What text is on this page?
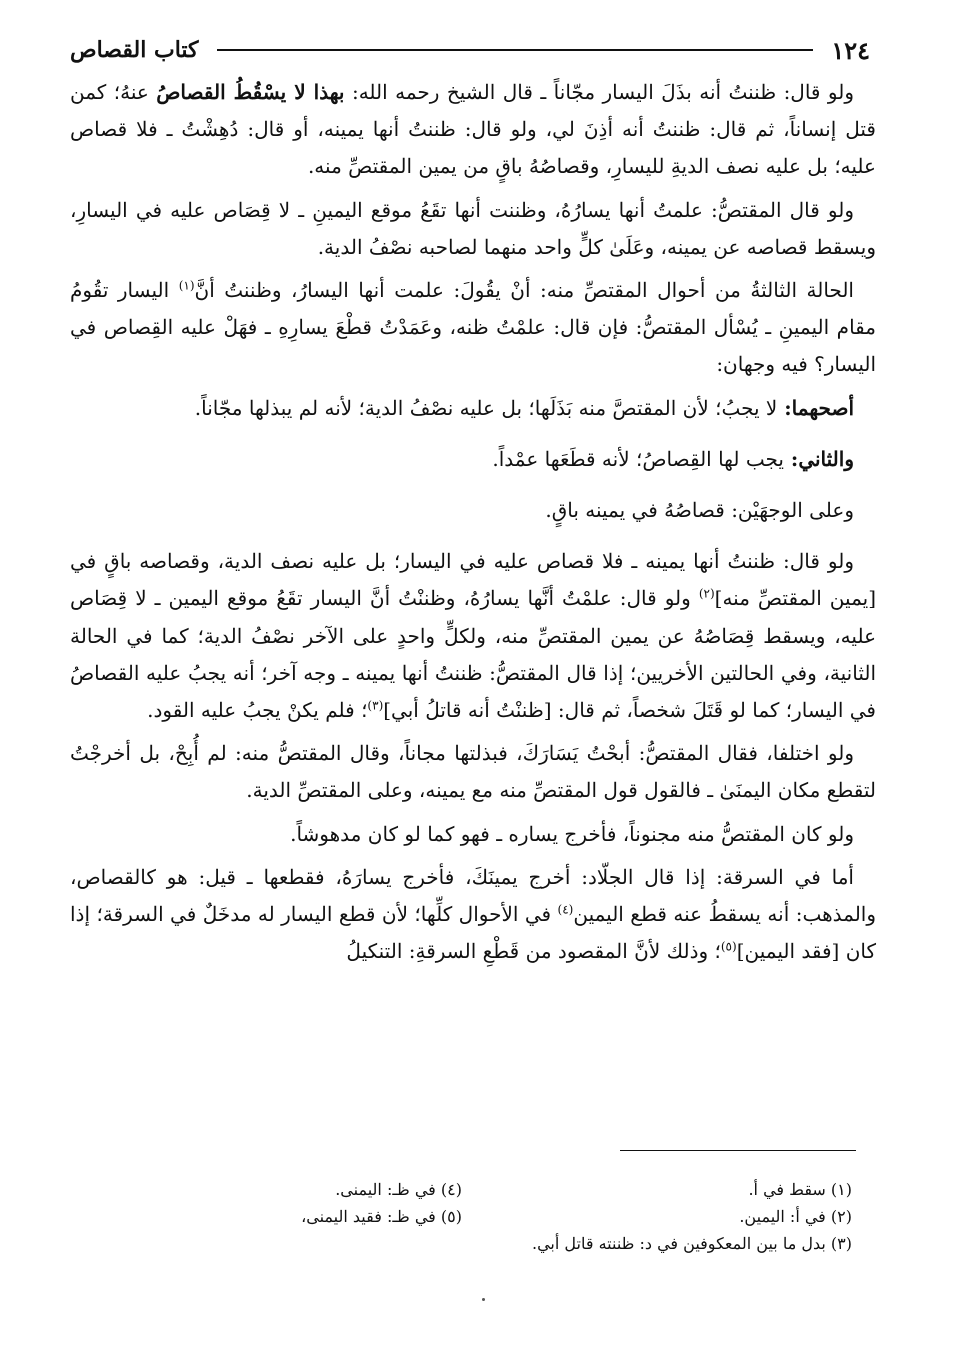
١٢٤
كتاب القصاص

ولو قال: ظننتُ أنه بذَلَ اليسار مجّاناً ـ قال الشيخ رحمه الله: بهذا لا يسْقُطُ القصاصُ عنهُ؛ كمن قتل إنساناً، ثم قال: ظننتُ أنه أذِنَ لي، ولو قال: ظننتُ أنها يمينه، أو قال: دُهِشْتُ ـ فلا قصاص عليه؛ بل عليه نصف الديةِ لليسارِ، وقصاصُهُ باقٍ من يمين المقتصِّ منه.

ولو قال المقتصُّ: علمتُ أنها يسارُهُ، وظننت أنها تقَعُ موقع اليمينِ ـ لا قِصَاص عليه في اليسارِ، ويسقط قصاصه عن يمينه، وعَلَىٰ كلٍّ واحد منهما لصاحبه نصْفُ الدية.

الحالة الثالثةُ من أحوال المقتصِّ منه: أنْ يقُولَ: علمت أنها اليسارُ، وظننتُ أنَّ$^{(١)}$ اليسار تقُومُ مقام اليمينِ ـ يُسْأل المقتصُّ: فإن قال: علمْتُ ظنه، وعَمَدْتُ قطْعَ يسارِهِ ـ فهَلْ عليه القِصاص في اليسار؟ فيه وجهان:

أصحهما: لا يجبُ؛ لأن المقتصَّ منه بَذَلَها؛ بل عليه نصْفُ الدية؛ لأنه لم يبذلها مجّاناً.

والثاني: يجب لها القِصاصُ؛ لأنه قطَعَها عمْداً.

وعلى الوجهَيْن: قصاصُهُ في يمينه باقٍ.

ولو قال: ظننتُ أنها يمينه ـ فلا قصاص عليه في اليسار؛ بل عليه نصف الدية، وقصاصه باقٍ في [يمين المقتصِّ منه]$^{(٢)}$ ولو قال: علمْتُ أنَّها يسارُهُ، وظننْتُ أنَّ اليسار تقَعُ موقع اليمين ـ لا قِصَاص عليه، ويسقط قِصَاصُهُ عن يمين المقتصِّ منه، ولكلٍّ واحدٍ على الآخر نصْفُ الدية؛ كما في الحالة الثانية، وفي الحالتين الأخريين؛ إذا قال المقتصُّ: ظننتُ أنها يمينه ـ وجه آخر؛ أنه يجبُ عليه القصاصُ في اليسار؛ كما لو قَتَلَ شخصاً، ثم قال: [ظننْتُ أنه قاتلُ أبي]$^{(٣)}$؛ فلم يكنْ يجبُ عليه القود.

ولو اختلفا، فقال المقتصُّ: أبحْتُ يَسَارَكَ، فبذلتها مجاناً، وقال المقتصُّ منه: لم أُبِحْ، بل أخرجْتُ لتقطع مكان اليمنَىٰ ـ فالقول قول المقتصِّ منه مع يمينه، وعلى المقتصِّ الدية.

ولو كان المقتصُّ منه مجنوناً، فأخرج يساره ـ فهو كما لو كان مدهوشاً.

أما في السرقة: إذا قال الجلّاد: أخرج يمينَكَ، فأخرج يسارَهُ، فقطعها ـ قيل: هو كالقصاص، والمذهب: أنه يسقطُ عنه قطع اليمين$^{(٤)}$ في الأحوال كلِّها؛ لأن قطع اليسار له مدخَلٌ في السرقة؛ إذا كان [فقد اليمين]$^{(٥)}$؛ وذلك لأنَّ المقصود من قَطْعِ السرقةِ: التنكيلُ

(١) سقط في أ.
(٢) في أ: اليمين.
(٣) بدل ما بين المعكوفين في د: ظننته قاتل أبي.
(٤) في ظـ: اليمنى.
(٥) في ظـ: فقيد اليمنى،
